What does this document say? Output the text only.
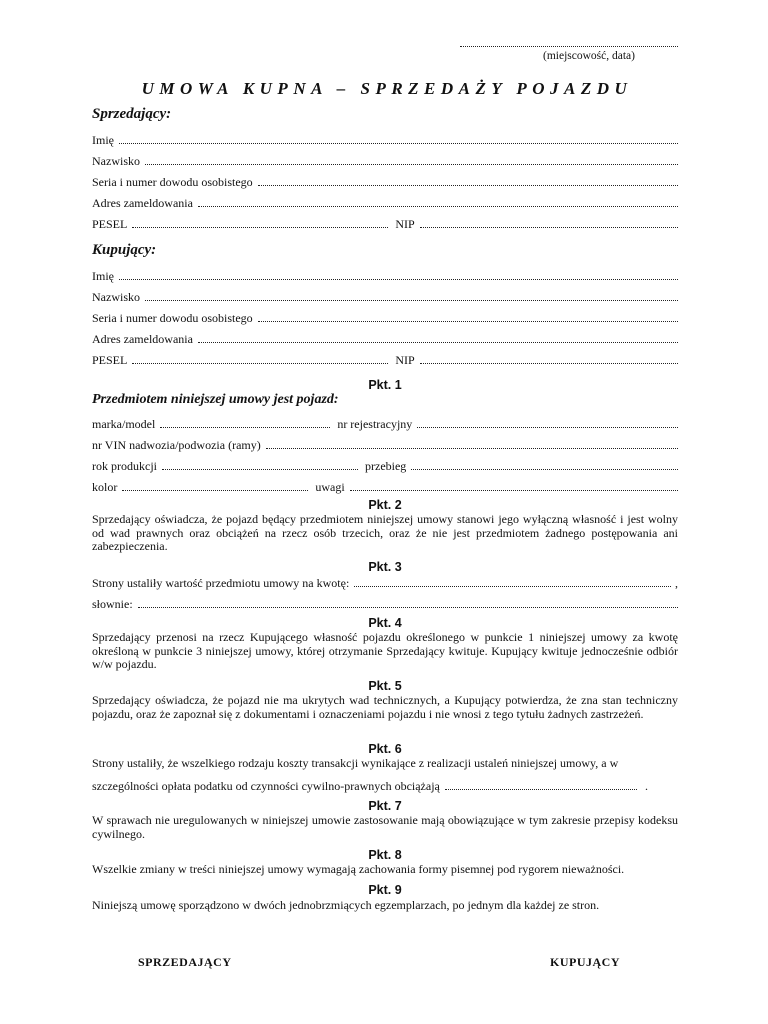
(miejscowość, data)
UMOWA KUPNA – SPRZEDAŻY POJAZDU
Sprzedający:
Imię
Nazwisko
Seria i numer dowodu osobistego
Adres zameldowania
PESEL	NIP
Kupujący:
Imię
Nazwisko
Seria i numer dowodu osobistego
Adres zameldowania
PESEL	NIP
Pkt. 1
Przedmiotem niniejszej umowy jest pojazd:
marka/model	nr rejestracyjny
nr VIN nadwozia/podwozia (ramy)
rok produkcji	przebieg
kolor	uwagi
Pkt. 2
Sprzedający oświadcza, że pojazd będący przedmiotem niniejszej umowy stanowi jego wyłączną własność i jest wolny od wad prawnych oraz obciążeń na rzecz osób trzecich, oraz że nie jest przedmiotem żadnego postępowania ani zabezpieczenia.
Pkt. 3
Strony ustaliły wartość przedmiotu umowy na kwotę:	,
słownie:
Pkt. 4
Sprzedający przenosi na rzecz Kupującego własność pojazdu określonego w punkcie 1 niniejszej umowy za kwotę określoną w punkcie 3 niniejszej umowy, której otrzymanie Sprzedający kwituje. Kupujący kwituje jednocześnie odbiór w/w pojazdu.
Pkt. 5
Sprzedający oświadcza, że pojazd nie ma ukrytych wad technicznych, a Kupujący potwierdza, że zna stan techniczny pojazdu, oraz że zapoznał się z dokumentami i oznaczeniami pojazdu i nie wnosi z tego tytułu żadnych zastrzeżeń.
Pkt. 6
Strony ustaliły, że wszelkiego rodzaju koszty transakcji wynikające z realizacji ustaleń niniejszej umowy, a w
szczególności opłata podatku od czynności cywilno-prawnych obciążają	.
Pkt. 7
W sprawach nie uregulowanych w niniejszej umowie zastosowanie mają obowiązujące w tym zakresie przepisy kodeksu cywilnego.
Pkt. 8
Wszelkie zmiany w treści niniejszej umowy wymagają zachowania formy pisemnej pod rygorem nieważności.
Pkt. 9
Niniejszą umowę sporządzono w dwóch jednobrzmiących egzemplarzach, po jednym dla każdej ze stron.
SPRZEDAJĄCY	KUPUJĄCY
